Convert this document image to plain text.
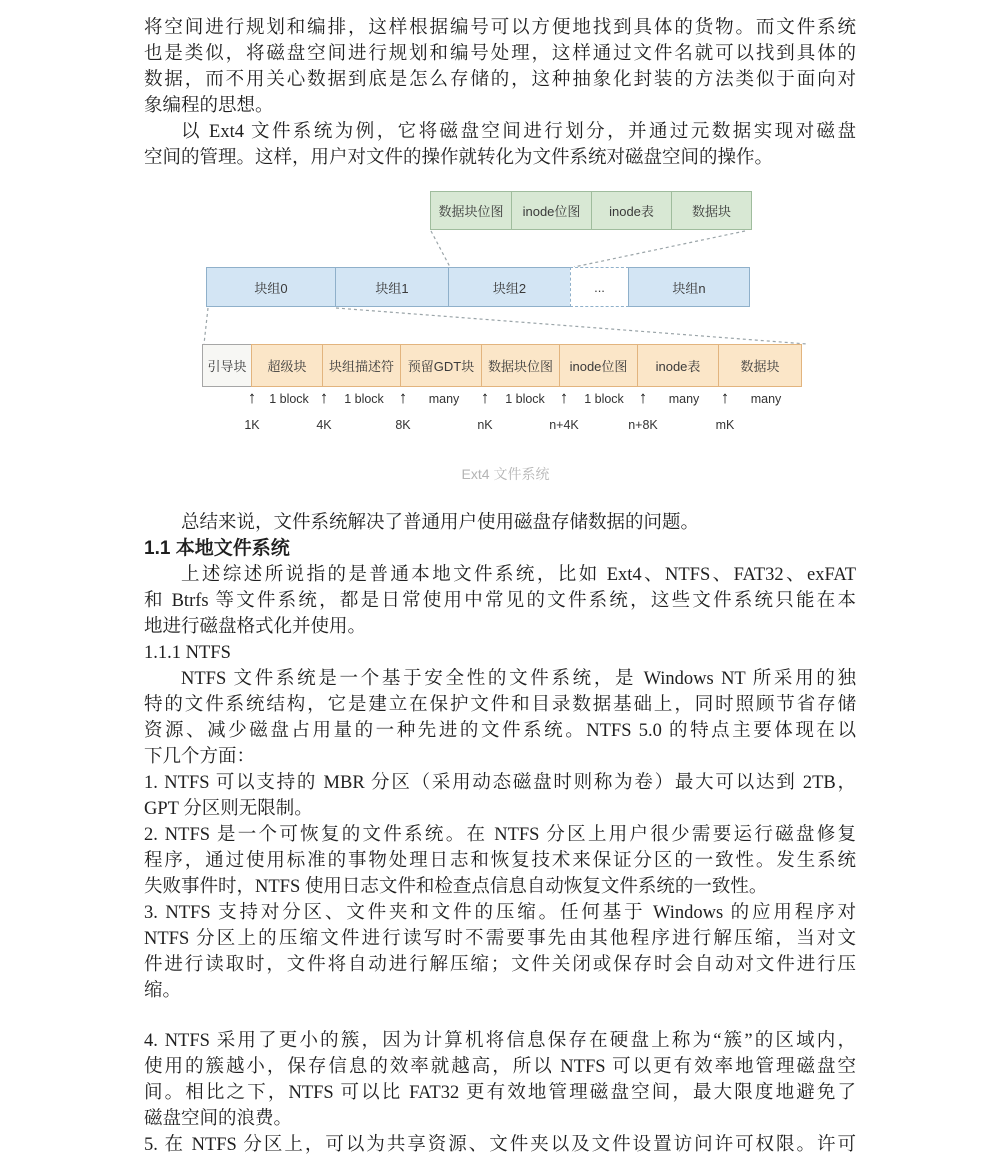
将空间进行规划和编排，这样根据编号可以方便地找到具体的货物。而文件系统
也是类似，将磁盘空间进行规划和编号处理，这样通过文件名就可以找到具体的
数据，而不用关心数据到底是怎么存储的，这种抽象化封装的方法类似于面向对
象编程的思想。
以 Ext4 文件系统为例，它将磁盘空间进行划分，并通过元数据实现对磁盘
空间的管理。这样，用户对文件的操作就转化为文件系统对磁盘空间的操作。
数据块位图	inode位图	inode表	数据块
块组0	块组1	块组2	...	块组n
引导块	超级块	块组描述符	预留GDT块	数据块位图	inode位图	inode表	数据块
↑	↑	↑	↑	↑	↑	↑
1 block	1 block	many	1 block	1 block	many	many
1K	4K	8K	nK	n+4K	n+8K	mK
Ext4 文件系统
总结来说，文件系统解决了普通用户使用磁盘存储数据的问题。
1.1 本地文件系统
上述综述所说指的是普通本地文件系统，比如 Ext4、NTFS、FAT32、exFAT
和 Btrfs 等文件系统，都是日常使用中常见的文件系统，这些文件系统只能在本
地进行磁盘格式化并使用。
1.1.1 NTFS
NTFS 文件系统是一个基于安全性的文件系统，是 Windows NT 所采用的独
特的文件系统结构，它是建立在保护文件和目录数据基础上，同时照顾节省存储
资源、减少磁盘占用量的一种先进的文件系统。NTFS 5.0 的特点主要体现在以
下几个方面：
1. NTFS 可以支持的 MBR 分区（采用动态磁盘时则称为卷）最大可以达到 2TB，
GPT 分区则无限制。
2. NTFS 是一个可恢复的文件系统。在 NTFS 分区上用户很少需要运行磁盘修复
程序，通过使用标准的事物处理日志和恢复技术来保证分区的一致性。发生系统
失败事件时，NTFS 使用日志文件和检查点信息自动恢复文件系统的一致性。
3. NTFS 支持对分区、文件夹和文件的压缩。任何基于 Windows 的应用程序对
NTFS 分区上的压缩文件进行读写时不需要事先由其他程序进行解压缩，当对文
件进行读取时，文件将自动进行解压缩；文件关闭或保存时会自动对文件进行压
缩。
4. NTFS 采用了更小的簇，因为计算机将信息保存在硬盘上称为“簇”的区域内，
使用的簇越小，保存信息的效率就越高，所以 NTFS 可以更有效率地管理磁盘空
间。相比之下，NTFS 可以比 FAT32 更有效地管理磁盘空间，最大限度地避免了
磁盘空间的浪费。
5. 在 NTFS 分区上，可以为共享资源、文件夹以及文件设置访问许可权限。许可
